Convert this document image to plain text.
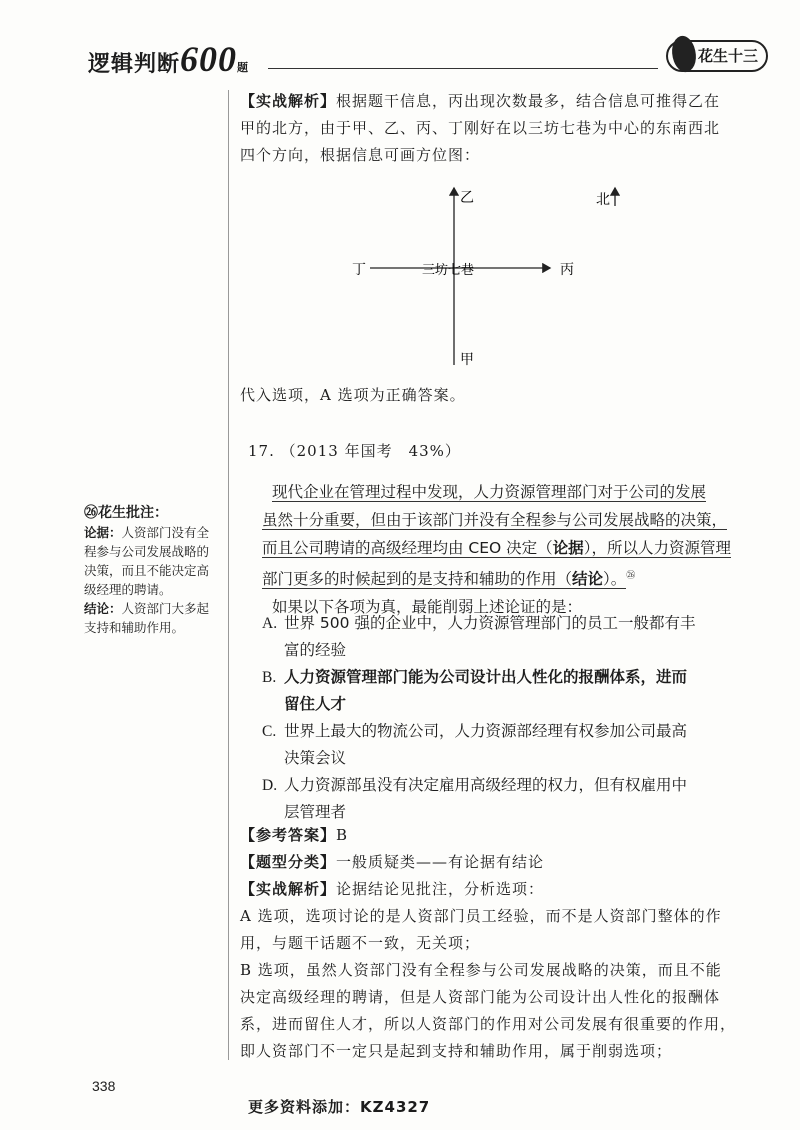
逻辑判断600题
花生十三

【实战解析】根据题干信息，丙出现次数最多，结合信息可推得乙在

甲的北方，由于甲、乙、丙、丁刚好在以三坊七巷为中心的东南西北

四个方向，根据信息可画方位图：

乙
甲
丁	丙
三坊七巷
北

代入选项，A 选项为正确答案。

17. （2013 年国考　43%）
㉖花生批注：
论据：人资部门没有全程参与公司发展战略的决策，而且不能决定高级经理的聘请。
结论：人资部门大多起支持和辅助作用。
现代企业在管理过程中发现，人力资源管理部门对于公司的发展
虽然十分重要，但由于该部门并没有全程参与公司发展战略的决策，
而且公司聘请的高级经理均由 CEO 决定（论据），所以人力资源管理
部门更多的时候起到的是支持和辅助的作用（结论）。$^㉖$
如果以下各项为真，最能削弱上述论证的是：
A. 世界 500 强的企业中，人力资源管理部门的员工一般都有丰
富的经验
B. 人力资源管理部门能为公司设计出人性化的报酬体系，进而
留住人才
C. 世界上最大的物流公司，人力资源部经理有权参加公司最高
决策会议
D. 人力资源部虽没有决定雇用高级经理的权力，但有权雇用中
层管理者

【参考答案】B

【题型分类】一般质疑类——有论据有结论

【实战解析】论据结论见批注，分析选项：

A 选项，选项讨论的是人资部门员工经验，而不是人资部门整体的作

用，与题干话题不一致，无关项；

B 选项，虽然人资部门没有全程参与公司发展战略的决策，而且不能

决定高级经理的聘请，但是人资部门能为公司设计出人性化的报酬体

系，进而留住人才，所以人资部门的作用对公司发展有很重要的作用，

即人资部门不一定只是起到支持和辅助作用，属于削弱选项；

338
更多资料添加：KZ4327
